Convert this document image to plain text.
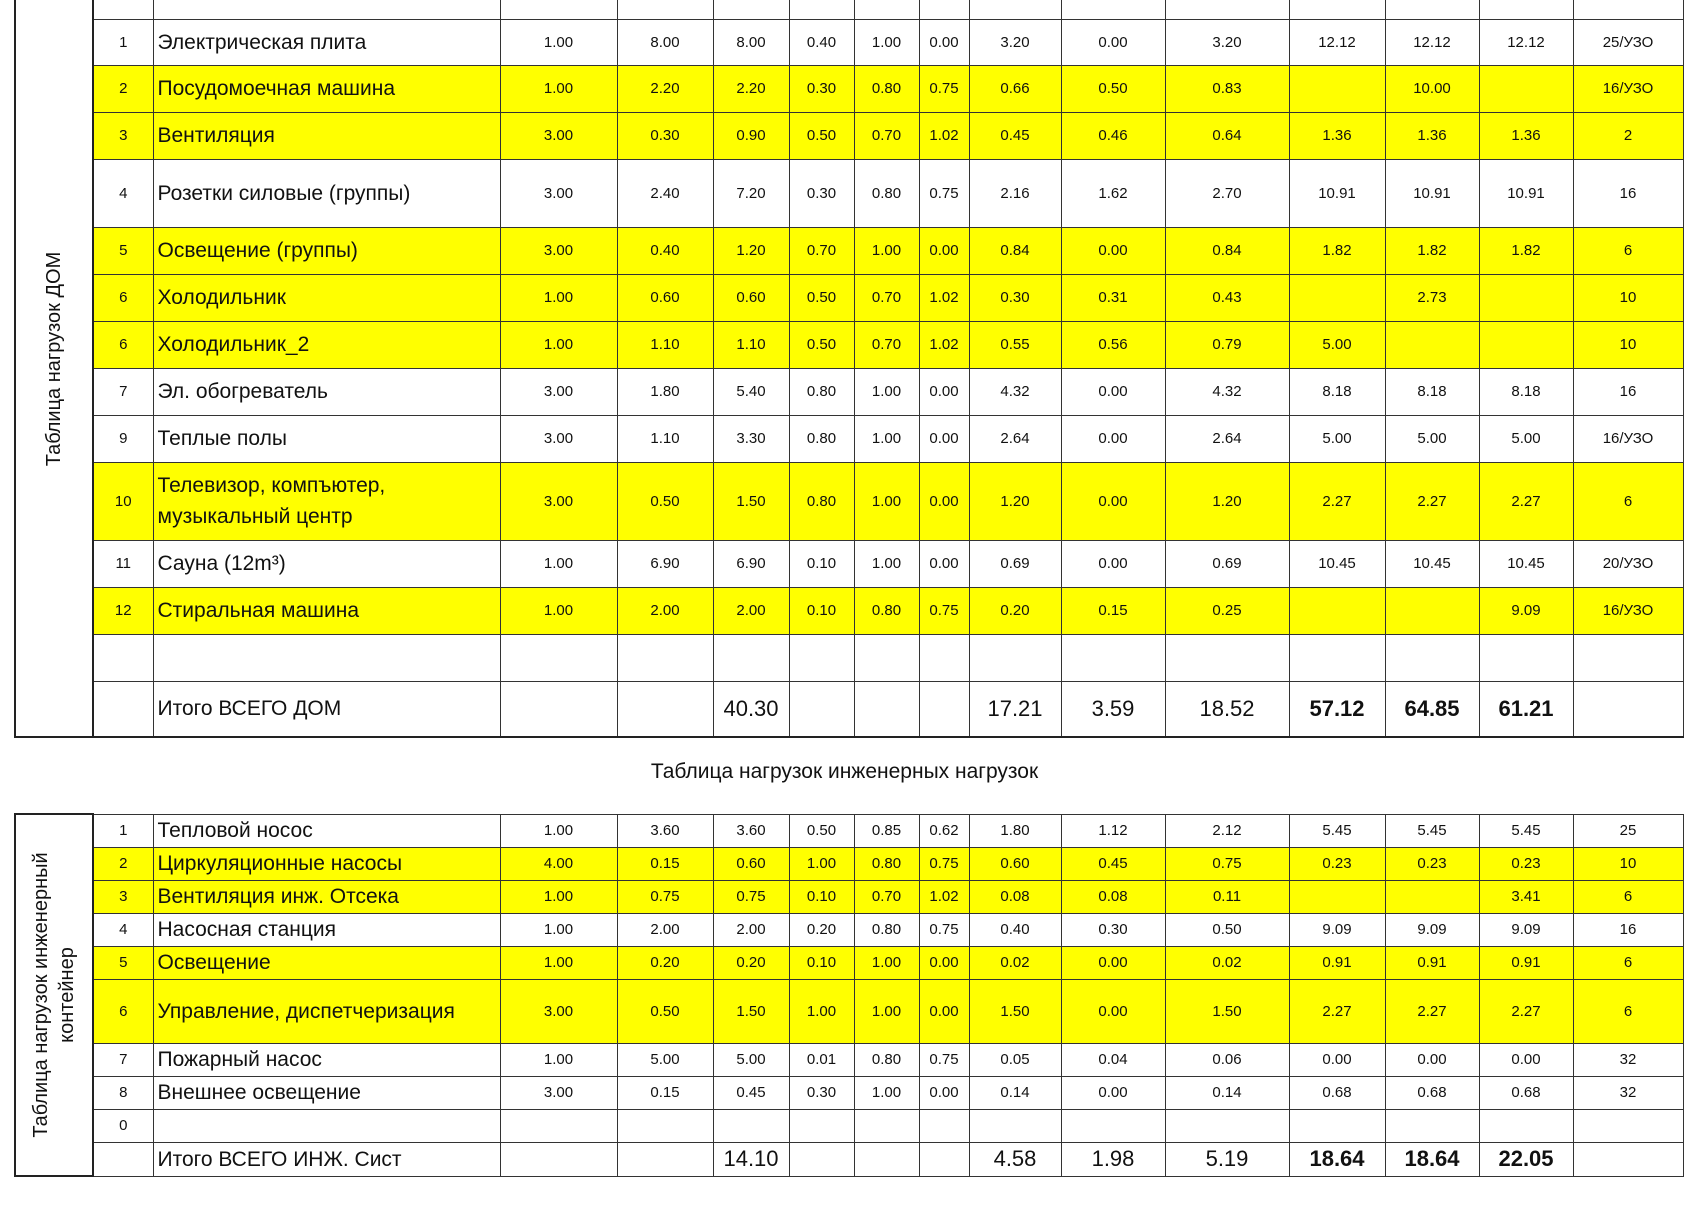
Таблица нагрузок ДОМ															

	1	Электрическая плита	1.00	8.00	8.00	0.40	1.00	0.00	3.20	0.00	3.20	12.12	12.12	12.12	25/УЗО
	2	Посудомоечная машина	1.00	2.20	2.20	0.30	0.80	0.75	0.66	0.50	0.83		10.00		16/УЗО
	3	Вентиляция	3.00	0.30	0.90	0.50	0.70	1.02	0.45	0.46	0.64	1.36	1.36	1.36	2
	4	Розетки силовые (группы)	3.00	2.40	7.20	0.30	0.80	0.75	2.16	1.62	2.70	10.91	10.91	10.91	16
	5	Освещение (группы)	3.00	0.40	1.20	0.70	1.00	0.00	0.84	0.00	0.84	1.82	1.82	1.82	6
	6	Холодильник	1.00	0.60	0.60	0.50	0.70	1.02	0.30	0.31	0.43		2.73		10
	6	Холодильник_2	1.00	1.10	1.10	0.50	0.70	1.02	0.55	0.56	0.79	5.00			10
	7	Эл. обогреватель	3.00	1.80	5.40	0.80	1.00	0.00	4.32	0.00	4.32	8.18	8.18	8.18	16
	9	Теплые полы	3.00	1.10	3.30	0.80	1.00	0.00	2.64	0.00	2.64	5.00	5.00	5.00	16/УЗО
	10	Телевизор, компъютер, музыкальный центр	3.00	0.50	1.50	0.80	1.00	0.00	1.20	0.00	1.20	2.27	2.27	2.27	6
	11	Сауна (12m³)	1.00	6.90	6.90	0.10	1.00	0.00	0.69	0.00	0.69	10.45	10.45	10.45	20/УЗО
	12	Стиральная машина	1.00	2.00	2.00	0.10	0.80	0.75	0.20	0.15	0.25			9.09	16/УЗО

		Итого ВСЕГО ДОМ			40.30				17.21	3.59	18.52	57.12	64.85	61.21	
Таблица нагрузок инженерных нагрузок
Таблица нагрузок инженерный контейнер	1	Тепловой носос	1.00	3.60	3.60	0.50	0.85	0.62	1.80	1.12	2.12	5.45	5.45	5.45	25
	2	Циркуляционные насосы	4.00	0.15	0.60	1.00	0.80	0.75	0.60	0.45	0.75	0.23	0.23	0.23	10
	3	Вентиляция инж. Отсека	1.00	0.75	0.75	0.10	0.70	1.02	0.08	0.08	0.11			3.41	6
	4	Насосная станция	1.00	2.00	2.00	0.20	0.80	0.75	0.40	0.30	0.50	9.09	9.09	9.09	16
	5	Освещение	1.00	0.20	0.20	0.10	1.00	0.00	0.02	0.00	0.02	0.91	0.91	0.91	6
	6	Управление, диспетчеризация	3.00	0.50	1.50	1.00	1.00	0.00	1.50	0.00	1.50	2.27	2.27	2.27	6
	7	Пожарный насос	1.00	5.00	5.00	0.01	0.80	0.75	0.05	0.04	0.06	0.00	0.00	0.00	32
	8	Внешнее освещение	3.00	0.15	0.45	0.30	1.00	0.00	0.14	0.00	0.14	0.68	0.68	0.68	32
	0														
		Итого ВСЕГО ИНЖ. Сист			14.10				4.58	1.98	5.19	18.64	18.64	22.05	
